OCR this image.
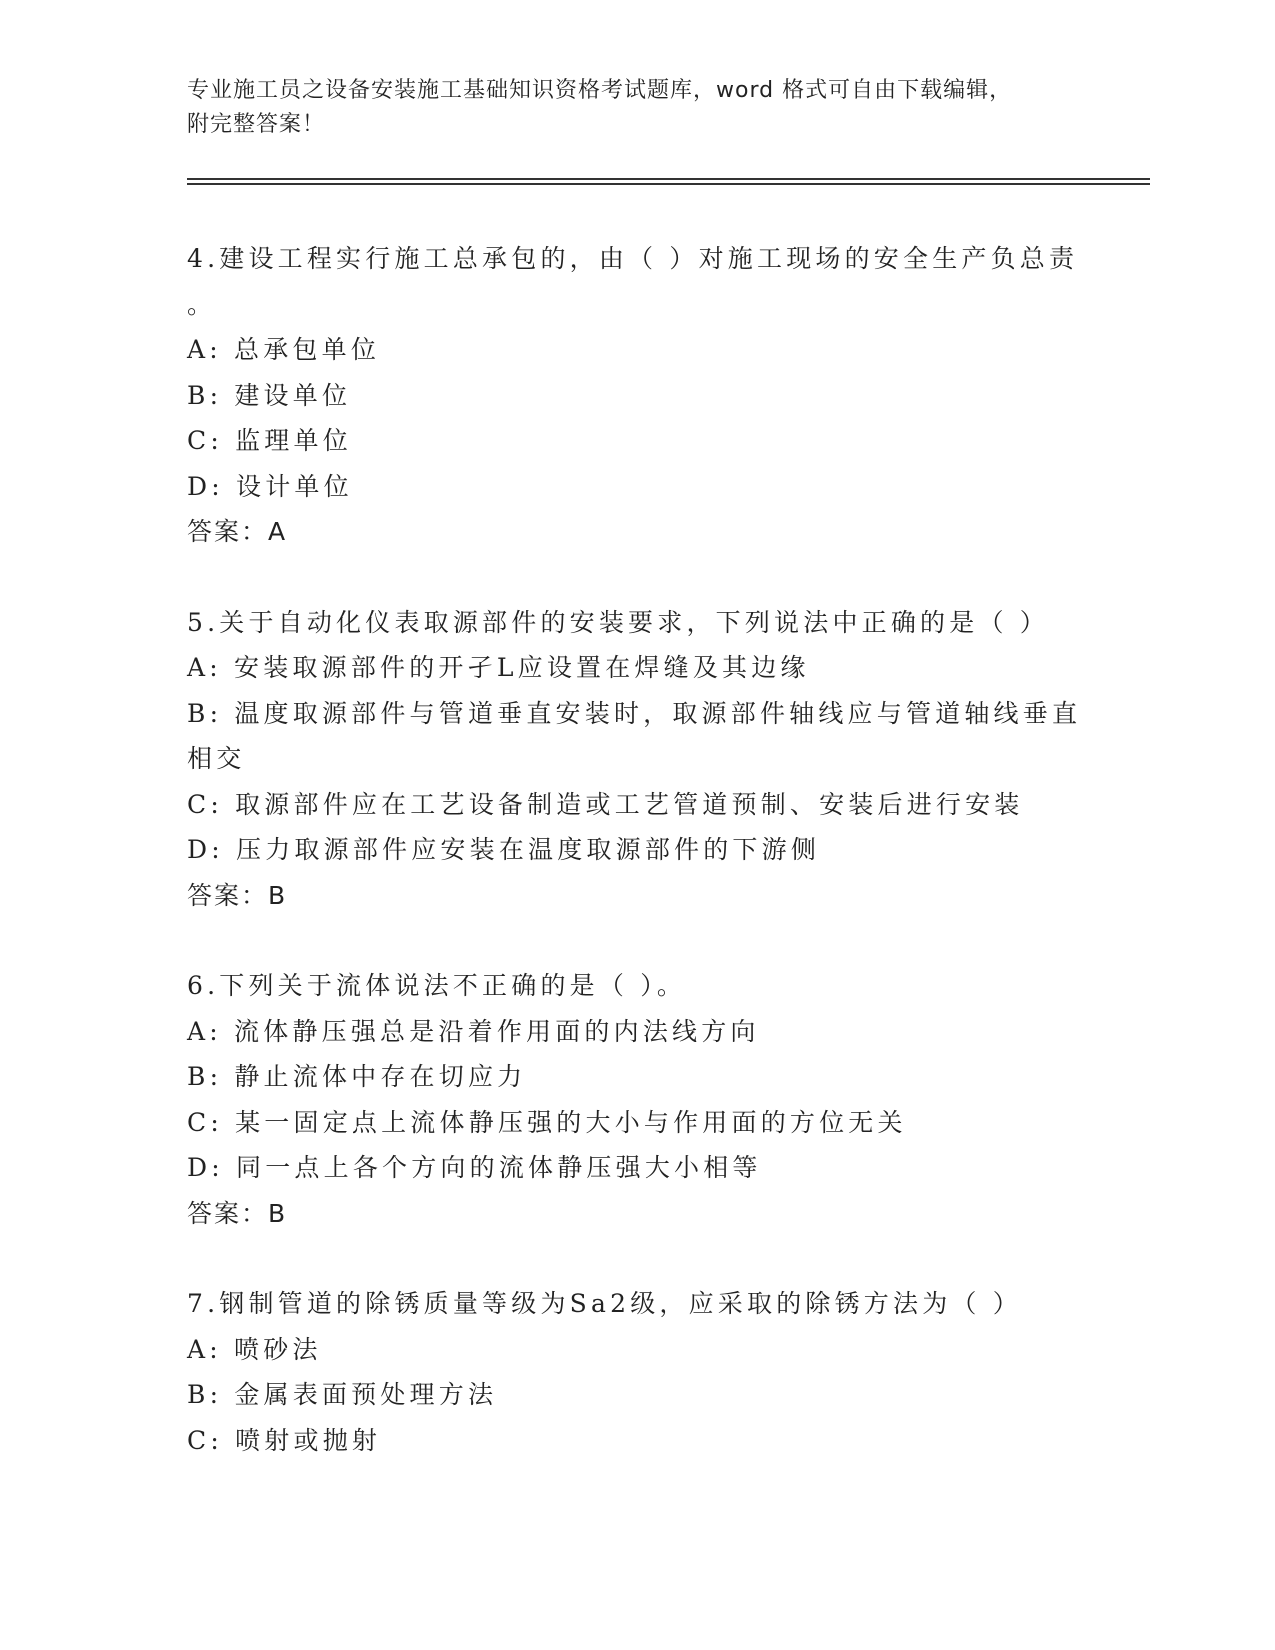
专业施工员之设备安装施工基础知识资格考试题库，word 格式可自由下载编辑，
附完整答案！
4.建设工程实行施工总承包的，由（ ）对施工现场的安全生产负总责
。
A: 总承包单位
B: 建设单位
C: 监理单位
D: 设计单位
答案：A
5.关于自动化仪表取源部件的安装要求，下列说法中正确的是（ ）
A: 安装取源部件的开孑L应设置在焊缝及其边缘
B: 温度取源部件与管道垂直安装时，取源部件轴线应与管道轴线垂直
相交
C: 取源部件应在工艺设备制造或工艺管道预制、安装后进行安装
D: 压力取源部件应安装在温度取源部件的下游侧
答案：B
6.下列关于流体说法不正确的是（ ）。
A: 流体静压强总是沿着作用面的内法线方向
B: 静止流体中存在切应力
C: 某一固定点上流体静压强的大小与作用面的方位无关
D: 同一点上各个方向的流体静压强大小相等
答案：B
7.钢制管道的除锈质量等级为Sa2级，应采取的除锈方法为（ ）
A: 喷砂法
B: 金属表面预处理方法
C: 喷射或抛射
